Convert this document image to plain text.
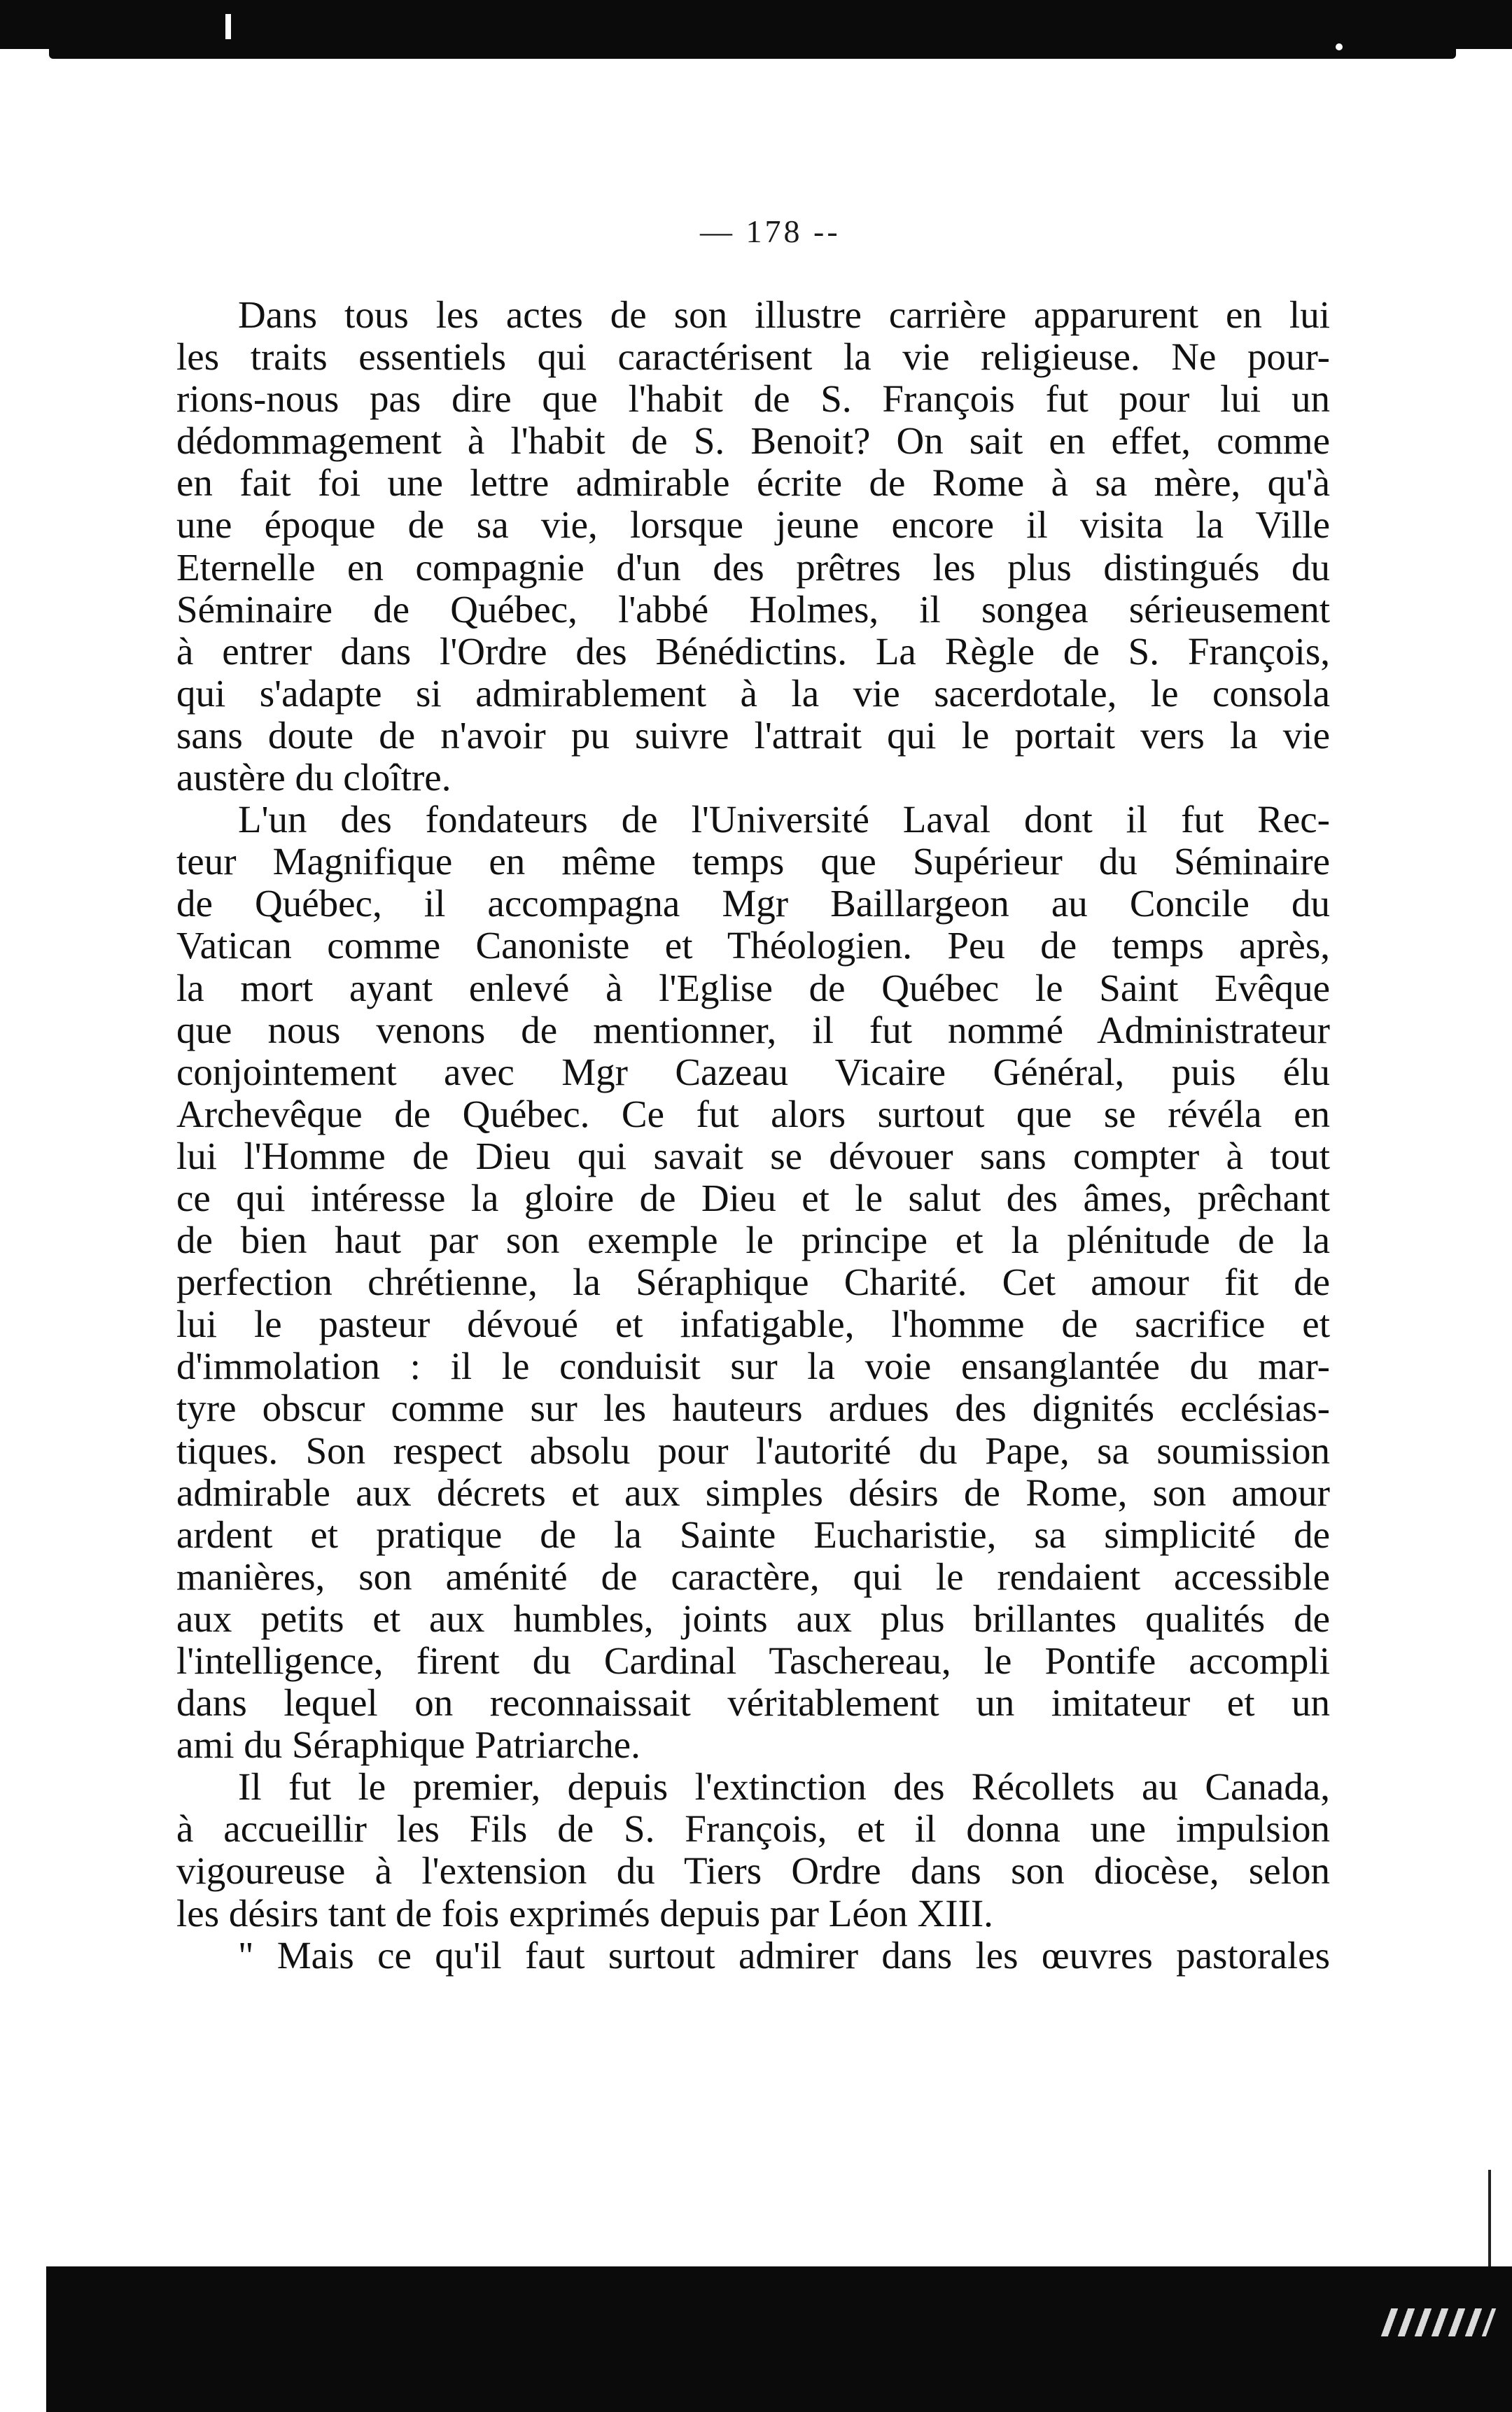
— 178 --

Dans tous les actes de son illustre carrière apparurent en lui
les traits essentiels qui caractérisent la vie religieuse. Ne pour-
rions-nous pas dire que l'habit de S. François fut pour lui un
dédommagement à l'habit de S. Benoit? On sait en effet, comme
en fait foi une lettre admirable écrite de Rome à sa mère, qu'à
une époque de sa vie, lorsque jeune encore il visita la Ville
Eternelle en compagnie d'un des prêtres les plus distingués du
Séminaire de Québec, l'abbé Holmes, il songea sérieusement
à entrer dans l'Ordre des Bénédictins. La Règle de S. François,
qui s'adapte si admirablement à la vie sacerdotale, le consola
sans doute de n'avoir pu suivre l'attrait qui le portait vers la vie
austère du cloître.

L'un des fondateurs de l'Université Laval dont il fut Rec-
teur Magnifique en même temps que Supérieur du Séminaire
de Québec, il accompagna Mgr Baillargeon au Concile du
Vatican comme Canoniste et Théologien. Peu de temps après,
la mort ayant enlevé à l'Eglise de Québec le Saint Evêque
que nous venons de mentionner, il fut nommé Administrateur
conjointement avec Mgr Cazeau Vicaire Général, puis élu
Archevêque de Québec. Ce fut alors surtout que se révéla en
lui l'Homme de Dieu qui savait se dévouer sans compter à tout
ce qui intéresse la gloire de Dieu et le salut des âmes, prêchant
de bien haut par son exemple le principe et la plénitude de la
perfection chrétienne, la Séraphique Charité. Cet amour fit de
lui le pasteur dévoué et infatigable, l'homme de sacrifice et
d'immolation : il le conduisit sur la voie ensanglantée du mar-
tyre obscur comme sur les hauteurs ardues des dignités ecclésias-
tiques. Son respect absolu pour l'autorité du Pape, sa soumission
admirable aux décrets et aux simples désirs de Rome, son amour
ardent et pratique de la Sainte Eucharistie, sa simplicité de
manières, son aménité de caractère, qui le rendaient accessible
aux petits et aux humbles, joints aux plus brillantes qualités de
l'intelligence, firent du Cardinal Taschereau, le Pontife accompli
dans lequel on reconnaissait véritablement un imitateur et un
ami du Séraphique Patriarche.

Il fut le premier, depuis l'extinction des Récollets au Canada,
à accueillir les Fils de S. François, et il donna une impulsion
vigoureuse à l'extension du Tiers Ordre dans son diocèse, selon
les désirs tant de fois exprimés depuis par Léon XIII.

" Mais ce qu'il faut surtout admirer dans les œuvres pastorales
